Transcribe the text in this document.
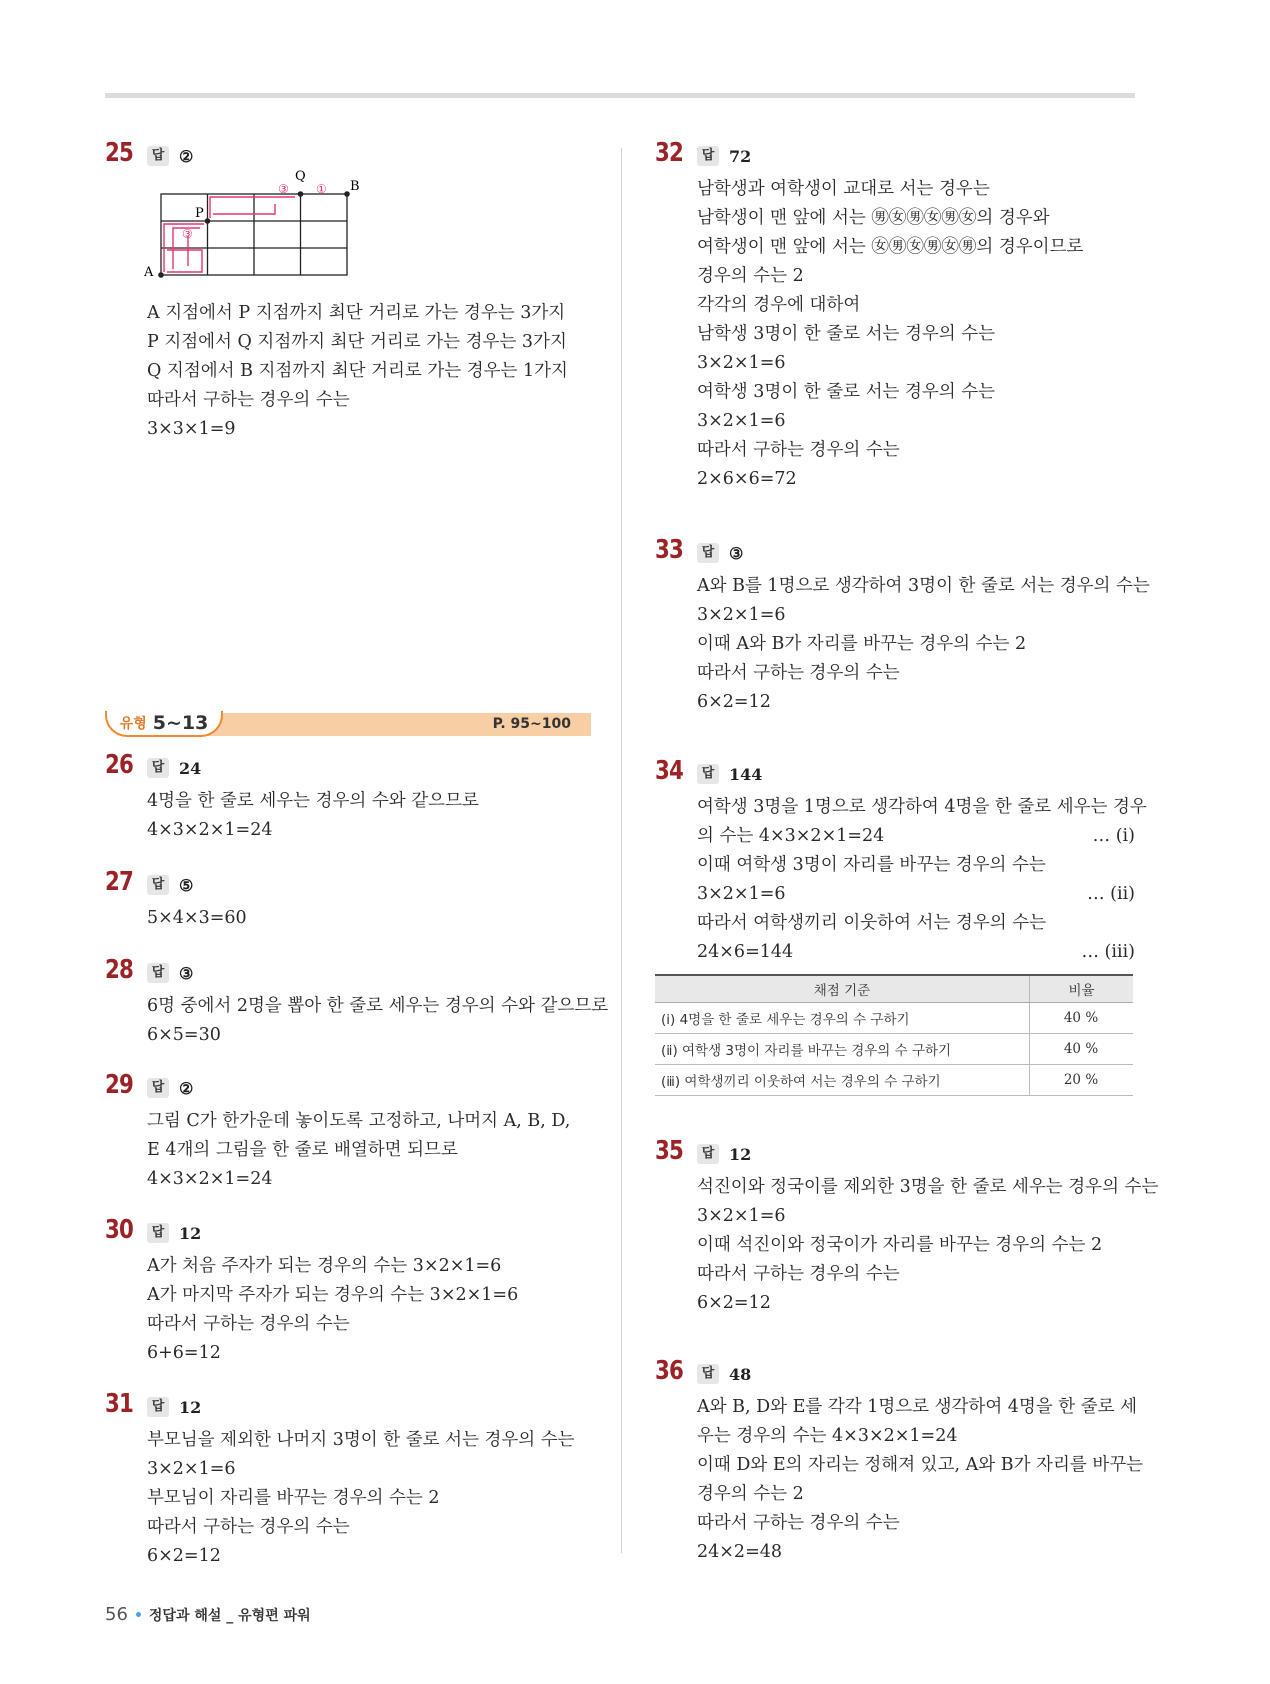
25	답 ②
A
P
Q
B
③ ①
③
A 지점에서 P 지점까지 최단 거리로 가는 경우는 3가지
P 지점에서 Q 지점까지 최단 거리로 가는 경우는 3가지
Q 지점에서 B 지점까지 최단 거리로 가는 경우는 1가지
따라서 구하는 경우의 수는
3×3×1=9
유형 5~13	P. 95~100
26	답 24
4명을 한 줄로 세우는 경우의 수와 같으므로
4×3×2×1=24
27	답 ⑤
5×4×3=60
28	답 ③
6명 중에서 2명을 뽑아 한 줄로 세우는 경우의 수와 같으므로
6×5=30
29	답 ②
그림 C가 한가운데 놓이도록 고정하고, 나머지 A, B, D,
E 4개의 그림을 한 줄로 배열하면 되므로
4×3×2×1=24
30	답 12
A가 처음 주자가 되는 경우의 수는 3×2×1=6
A가 마지막 주자가 되는 경우의 수는 3×2×1=6
따라서 구하는 경우의 수는
6+6=12
31	답 12
부모님을 제외한 나머지 3명이 한 줄로 서는 경우의 수는
3×2×1=6
부모님이 자리를 바꾸는 경우의 수는 2
따라서 구하는 경우의 수는
6×2=12
32	답 72
남학생과 여학생이 교대로 서는 경우는
남학생이 맨 앞에 서는 ㊚㊛㊚㊛㊚㊛의 경우와
여학생이 맨 앞에 서는 ㊛㊚㊛㊚㊛㊚의 경우이므로
경우의 수는 2
각각의 경우에 대하여
남학생 3명이 한 줄로 서는 경우의 수는
3×2×1=6
여학생 3명이 한 줄로 서는 경우의 수는
3×2×1=6
따라서 구하는 경우의 수는
2×6×6=72
33	답 ③
A와 B를 1명으로 생각하여 3명이 한 줄로 서는 경우의 수는
3×2×1=6
이때 A와 B가 자리를 바꾸는 경우의 수는 2
따라서 구하는 경우의 수는
6×2=12
34	답 144
여학생 3명을 1명으로 생각하여 4명을 한 줄로 세우는 경우
의 수는 4×3×2×1=24	… (ⅰ)
이때 여학생 3명이 자리를 바꾸는 경우의 수는
3×2×1=6	… (ⅱ)
따라서 여학생끼리 이웃하여 서는 경우의 수는
24×6=144	… (ⅲ)
채점 기준	비율
(ⅰ) 4명을 한 줄로 세우는 경우의 수 구하기	40 %
(ⅱ) 여학생 3명이 자리를 바꾸는 경우의 수 구하기	40 %
(ⅲ) 여학생끼리 이웃하여 서는 경우의 수 구하기	20 %
35	답 12
석진이와 정국이를 제외한 3명을 한 줄로 세우는 경우의 수는
3×2×1=6
이때 석진이와 정국이가 자리를 바꾸는 경우의 수는 2
따라서 구하는 경우의 수는
6×2=12
36	답 48
A와 B, D와 E를 각각 1명으로 생각하여 4명을 한 줄로 세
우는 경우의 수는 4×3×2×1=24
이때 D와 E의 자리는 정해져 있고, A와 B가 자리를 바꾸는
경우의 수는 2
따라서 구하는 경우의 수는
24×2=48
56 정답과 해설 _ 유형편 파워
